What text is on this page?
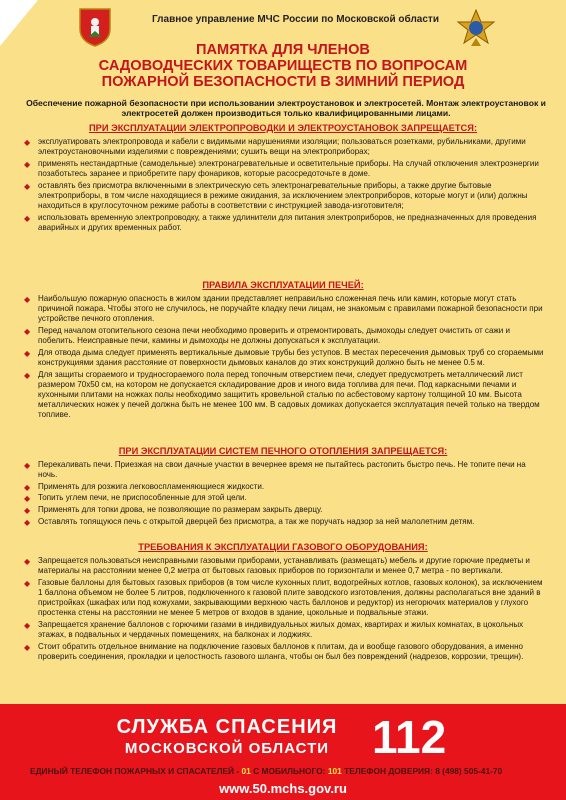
Главное управление МЧС России по Московской области
ПАМЯТКА ДЛЯ ЧЛЕНОВ
САДОВОДЧЕСКИХ ТОВАРИЩЕСТВ ПО ВОПРОСАМ
ПОЖАРНОЙ БЕЗОПАСНОСТИ В ЗИМНИЙ ПЕРИОД
Обеспечение пожарной безопасности при использовании электроустановок и электросетей. Монтаж электроустановок и электросетей должен производиться только квалифицированными лицами.
ПРИ ЭКСПЛУАТАЦИИ ЭЛЕКТРОПРОВОДКИ И ЭЛЕКТРОУСТАНОВОК ЗАПРЕЩАЕТСЯ:
◆ эксплуатировать электропровода и кабели с видимыми нарушениями изоляции; пользоваться розетками, рубильниками, другими электроустановочными изделиями с повреждениями; сушить вещи на электроприборах;
◆ применять нестандартные (самодельные) электронагревательные и осветительные приборы. На случай отключения электроэнергии позаботьтесь заранее и приобретите пару фонариков, которые расосредоточьте в доме.
◆ оставлять без присмотра включенными в электрическую сеть электронагревательные приборы, а также другие бытовые электроприборы, в том числе находящиеся в режиме ожидания, за исключением электроприборов, которые могут и (или) должны находиться в круглосуточном режиме работы в соответствии с инструкцией завода-изготовителя;
◆ использовать временную электропроводку, а также удлинители для питания электроприборов, не предназначенных для проведения аварийных и других временных работ.
ПРАВИЛА ЭКСПЛУАТАЦИИ ПЕЧЕЙ:
◆ Наибольшую пожарную опасность в жилом здании представляет неправильно сложенная печь или камин, которые могут стать причиной пожара. Чтобы этого не случилось, не поручайте кладку печи лицам, не знакомым с правилами пожарной безопасности при устройстве печного отопления.
◆ Перед началом отопительного сезона печи необходимо проверить и отремонтировать, дымоходы следует очистить от сажи и побелить. Неисправные печи, камины и дымоходы не должны допускаться к эксплуатации.
◆ Для отвода дыма следует применять вертикальные дымовые трубы без уступов. В местах пересечения дымовых труб со сгораемыми конструкциями здания расстояние от поверхности дымовых каналов до этих конструкций должно быть не менее 0.5 м.
◆ Для защиты сгораемого и трудносгораемого пола перед топочным отверстием печи, следует предусмотреть металлический лист размером 70х50 см, на котором не допускается складирование дров и иного вида топлива для печи. Под каркасными печами и кухонными плитами на ножках полы необходимо защитить кровельной сталью по асбестовому картону толщиной 10 мм. Высота металлических ножек у печей должна быть не менее 100 мм. В садовых домиках допускается эксплуатация печей только на твердом топливе.
ПРИ ЭКСПЛУАТАЦИИ СИСТЕМ ПЕЧНОГО ОТОПЛЕНИЯ ЗАПРЕЩАЕТСЯ:
◆ Перекаливать печи. Приезжая на свои дачные участки в вечернее время не пытайтесь растопить быстро печь. Не топите печи на ночь.
◆ Применять для розжига легковоспламеняющиеся жидкости.
◆ Топить углем печи, не приспособленные для этой цели.
◆ Применять для топки дрова, не позволяющие по размерам закрыть дверцу.
◆ Оставлять топящуюся печь с открытой дверцей без присмотра, а так же поручать надзор за ней малолетним детям.
ТРЕБОВАНИЯ К ЭКСПЛУАТАЦИИ ГАЗОВОГО ОБОРУДОВАНИЯ:
◆ Запрещается пользоваться неисправными газовыми приборами, устанавливать (размещать) мебель и другие горючие предметы и материалы на расстоянии менее 0,2 метра от бытовых газовых приборов по горизонтали и менее 0,7 метра - по вертикали.
◆ Газовые баллоны для бытовых газовых приборов (в том числе кухонных плит, водогрейных котлов, газовых колонок), за исключением 1 баллона объемом не более 5 литров, подключенного к газовой плите заводского изготовления, должны располагаться вне зданий в пристройках (шкафах или под кожухами, закрывающими верхнюю часть баллонов и редуктор) из негорючих материалов у глухого простенка стены на расстоянии не менее 5 метров от входов в здание, цокольные и подвальные этажи.
◆ Запрещается хранение баллонов с горючими газами в индивидуальных жилых домах, квартирах и жилых комнатах, в цокольных этажах, в подвальных и чердачных помещениях, на балконах и лоджиях.
◆ Стоит обратить отдельное внимание на подключение газовых баллонов к плитам, да и вообще газового оборудования, а именно проверить соединения, прокладки и целостность газового шланга, чтобы он был без повреждений (надрезов, коррозии, трещин).
СЛУЖБА СПАСЕНИЯ
МОСКОВСКОЙ ОБЛАСТИ 112
ЕДИНЫЙ ТЕЛЕФОН ПОЖАРНЫХ И СПАСАТЕЛЕЙ - 01 С МОБИЛЬНОГО: 101 ТЕЛЕФОН ДОВЕРИЯ: 8 (498) 505-41-70
www.50.mchs.gov.ru
